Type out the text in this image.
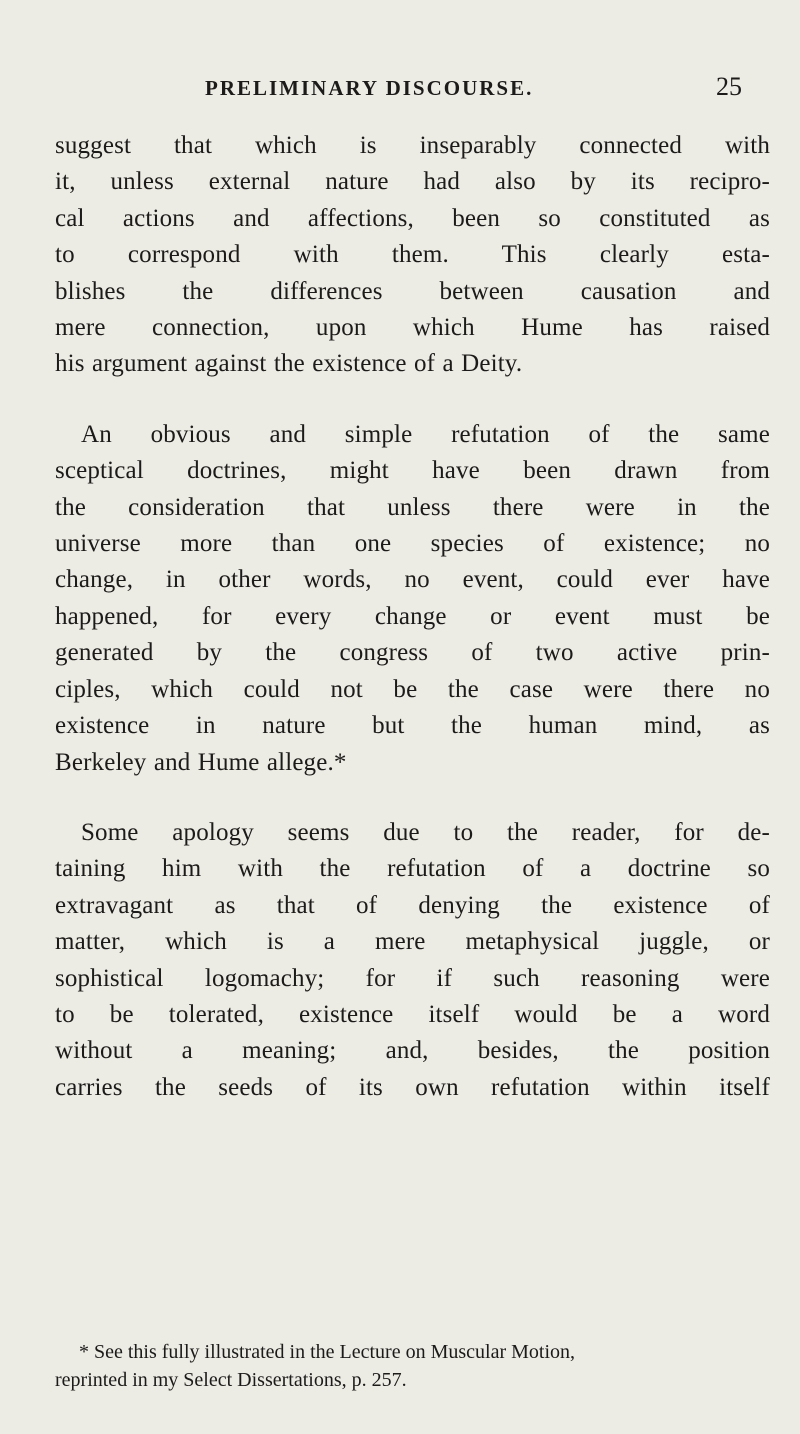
PRELIMINARY DISCOURSE.	25

suggest that which is inseparably connected with
it, unless external nature had also by its recipro-
cal actions and affections, been so constituted as
to correspond with them. This clearly esta-
blishes the differences between causation and
mere connection, upon which Hume has raised
his argument against the existence of a Deity.

An obvious and simple refutation of the same
sceptical doctrines, might have been drawn from
the consideration that unless there were in the
universe more than one species of existence; no
change, in other words, no event, could ever have
happened, for every change or event must be
generated by the congress of two active prin-
ciples, which could not be the case were there no
existence in nature but the human mind, as
Berkeley and Hume allege.*

Some apology seems due to the reader, for de-
taining him with the refutation of a doctrine so
extravagant as that of denying the existence of
matter, which is a mere metaphysical juggle, or
sophistical logomachy; for if such reasoning were
to be tolerated, existence itself would be a word
without a meaning; and, besides, the position
carries the seeds of its own refutation within itself

* See this fully illustrated in the Lecture on Muscular Motion,
reprinted in my Select Dissertations, p. 257.
